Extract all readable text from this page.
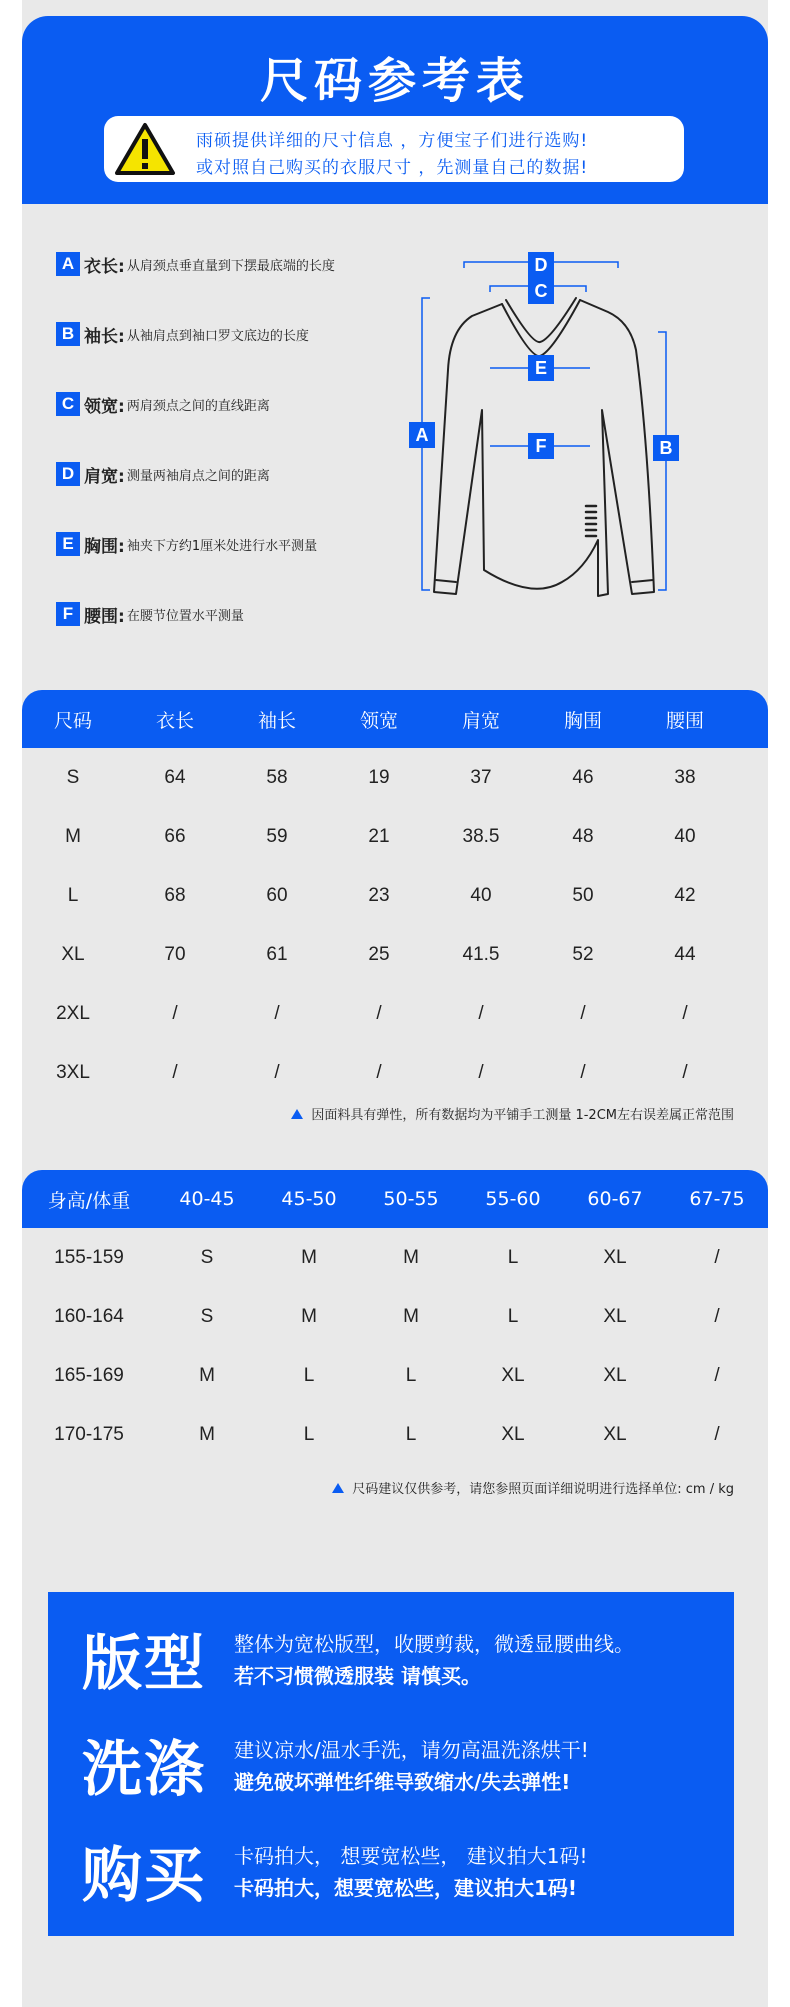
尺码参考表
雨硕提供详细的尺寸信息 ，方便宝子们进行选购!
或对照自己购买的衣服尺寸 ，先测量自己的数据!
A 衣长: 从肩颈点垂直量到下摆最底端的长度
B 袖长: 从袖肩点到袖口罗文底边的长度
C 领宽: 两肩颈点之间的直线距离
D 肩宽: 测量两袖肩点之间的距离
E 胸围: 袖夹下方约1厘米处进行水平测量
F 腰围: 在腰节位置水平测量
D
C
E
F
A
B
尺码	衣长	袖长	领宽	肩宽	胸围	腰围
S	64	58	19	37	46	38
M	66	59	21	38.5	48	40
L	68	60	23	40	50	42
XL	70	61	25	41.5	52	44
2XL	/	/	/	/	/	/
3XL	/	/	/	/	/	/
因面料具有弹性，所有数据均为平铺手工测量 1-2CM左右误差属正常范围
身高/体重	40-45	45-50	50-55	55-60	60-67	67-75
155-159	S	M	M	L	XL	/
160-164	S	M	M	L	XL	/
165-169	M	L	L	XL	XL	/
170-175	M	L	L	XL	XL	/
尺码建议仅供参考，请您参照页面详细说明进行选择单位: cm / kg
版型 整体为宽松版型，收腰剪裁，微透显腰曲线。
若不习惯微透服装 请慎买。
洗涤 建议凉水/温水手洗，请勿高温洗涤烘干!
避免破坏弹性纤维导致缩水/失去弹性!
购买 卡码拍大， 想要宽松些， 建议拍大1码!
卡码拍大，想要宽松些，建议拍大1码!
